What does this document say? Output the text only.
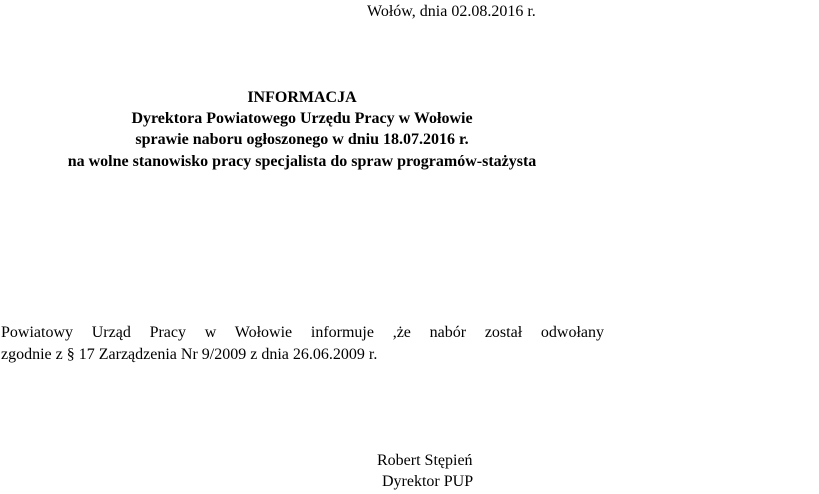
Wołów, dnia 02.08.2016 r.
INFORMACJA
Dyrektora Powiatowego Urzędu Pracy w Wołowie
sprawie naboru ogłoszonego w dniu 18.07.2016 r.
na wolne stanowisko pracy specjalista do spraw programów-stażysta
Powiatowy Urząd Pracy w Wołowie informuje ,że nabór został odwołany
zgodnie z § 17 Zarządzenia Nr 9/2009 z dnia 26.06.2009 r.
Robert Stępień
Dyrektor PUP
